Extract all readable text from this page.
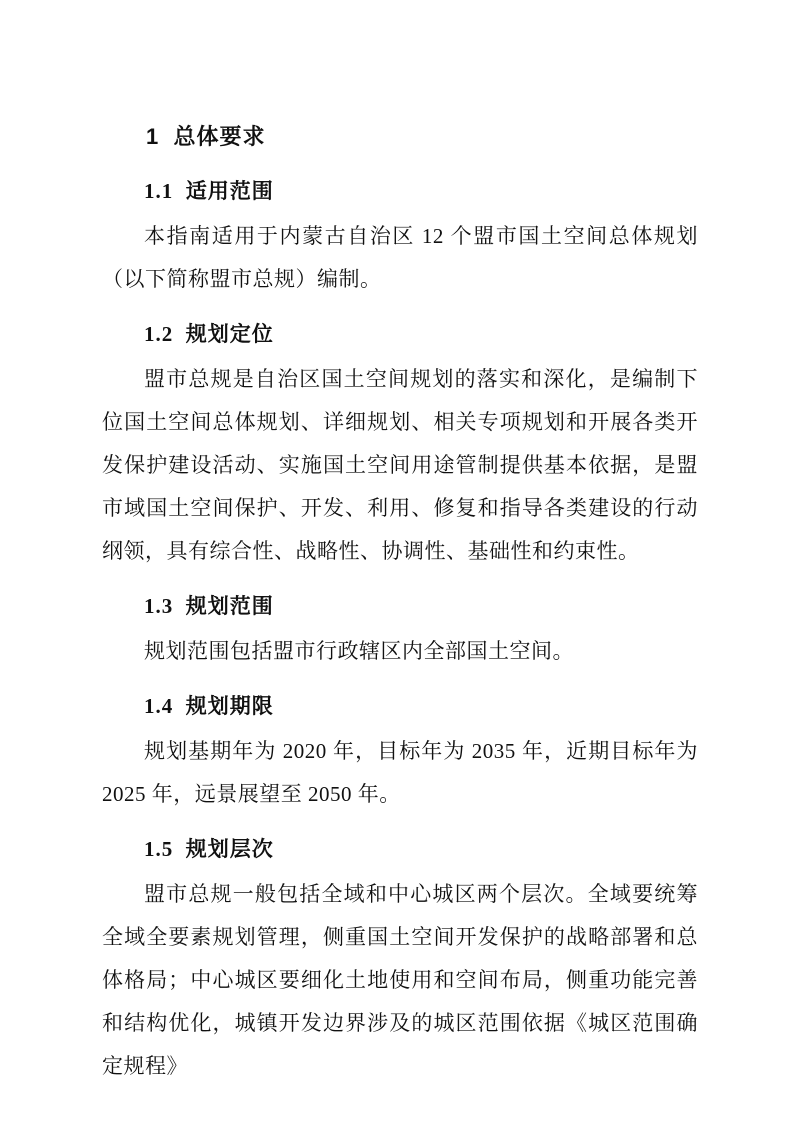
1  总体要求
1.1  适用范围

本指南适用于内蒙古自治区 12 个盟市国土空间总体规划（以下简称盟市总规）编制。

1.2  规划定位

盟市总规是自治区国土空间规划的落实和深化，是编制下位国土空间总体规划、详细规划、相关专项规划和开展各类开发保护建设活动、实施国土空间用途管制提供基本依据，是盟市域国土空间保护、开发、利用、修复和指导各类建设的行动纲领，具有综合性、战略性、协调性、基础性和约束性。

1.3  规划范围

规划范围包括盟市行政辖区内全部国土空间。

1.4  规划期限

规划基期年为 2020 年，目标年为 2035 年，近期目标年为 2025 年，远景展望至 2050 年。

1.5  规划层次

盟市总规一般包括全域和中心城区两个层次。全域要统筹全域全要素规划管理，侧重国土空间开发保护的战略部署和总体格局；中心城区要细化土地使用和空间布局，侧重功能完善和结构优化，城镇开发边界涉及的城区范围依据《城区范围确定规程》
